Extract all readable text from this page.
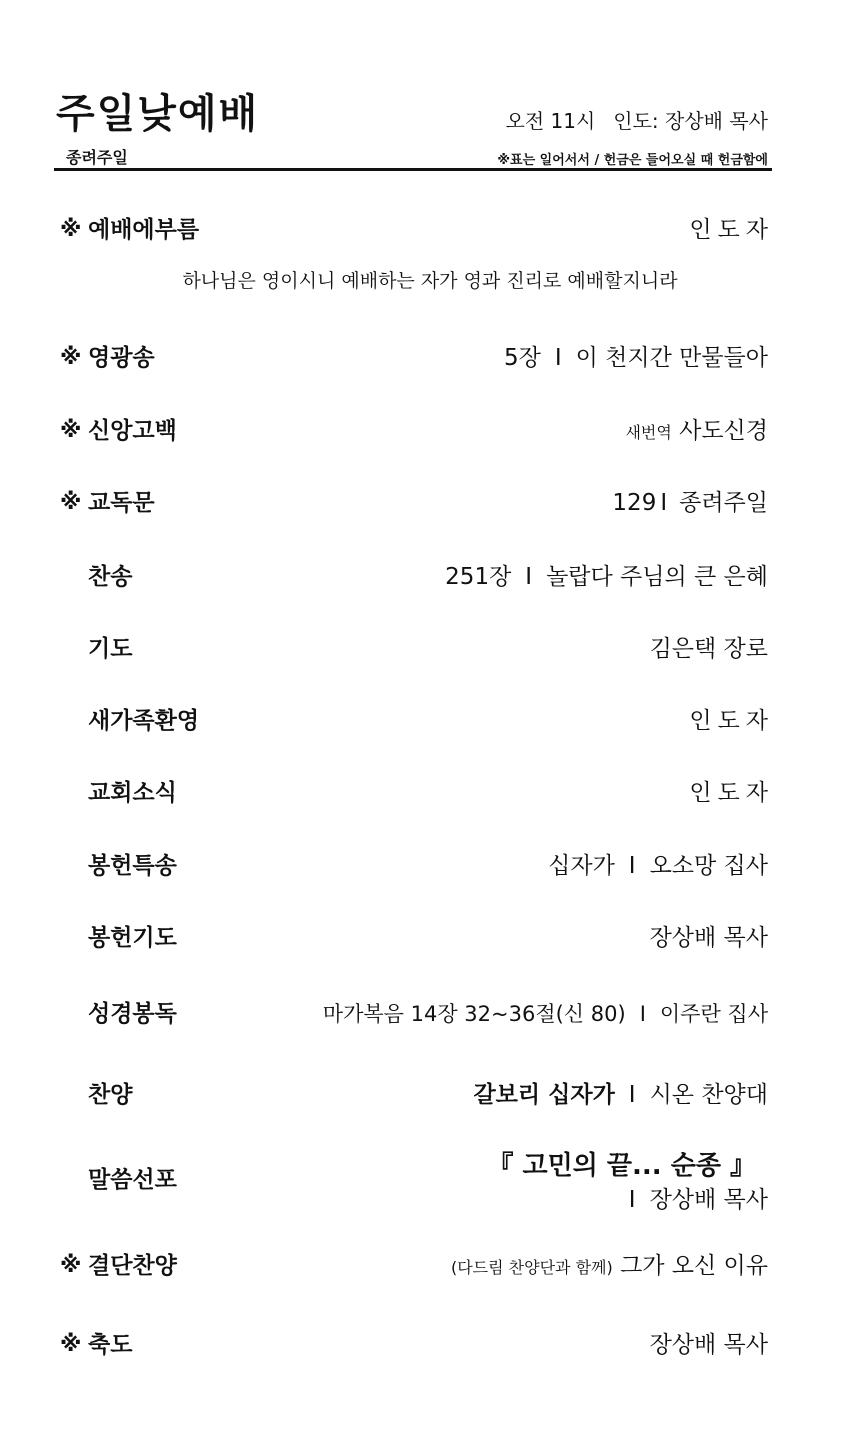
주일낮예배	오전 11시 인도: 장상배 목사
종려주일	※표는 일어서서 / 헌금은 들어오실 때 헌금함에
※ 예배에부름	인도자
하나님은 영이시니 예배하는 자가 영과 진리로 예배할지니라
※ 영광송	5장 I 이 천지간 만물들아
※ 신앙고백	새번역 사도신경
※ 교독문	129 I 종려주일
찬송	251장 I 놀랍다 주님의 큰 은혜
기도	김은택 장로
새가족환영	인도자
교회소식	인도자
봉헌특송	십자가 I 오소망 집사
봉헌기도	장상배 목사
성경봉독	마가복음 14장 32~36절(신 80) I 이주란 집사
찬양	갈보리 십자가 I 시온 찬양대
말씀선포	『 고민의 끝... 순종 』
I 장상배 목사
※ 결단찬양	(다드림 찬양단과 함께) 그가 오신 이유
※ 축도	장상배 목사
